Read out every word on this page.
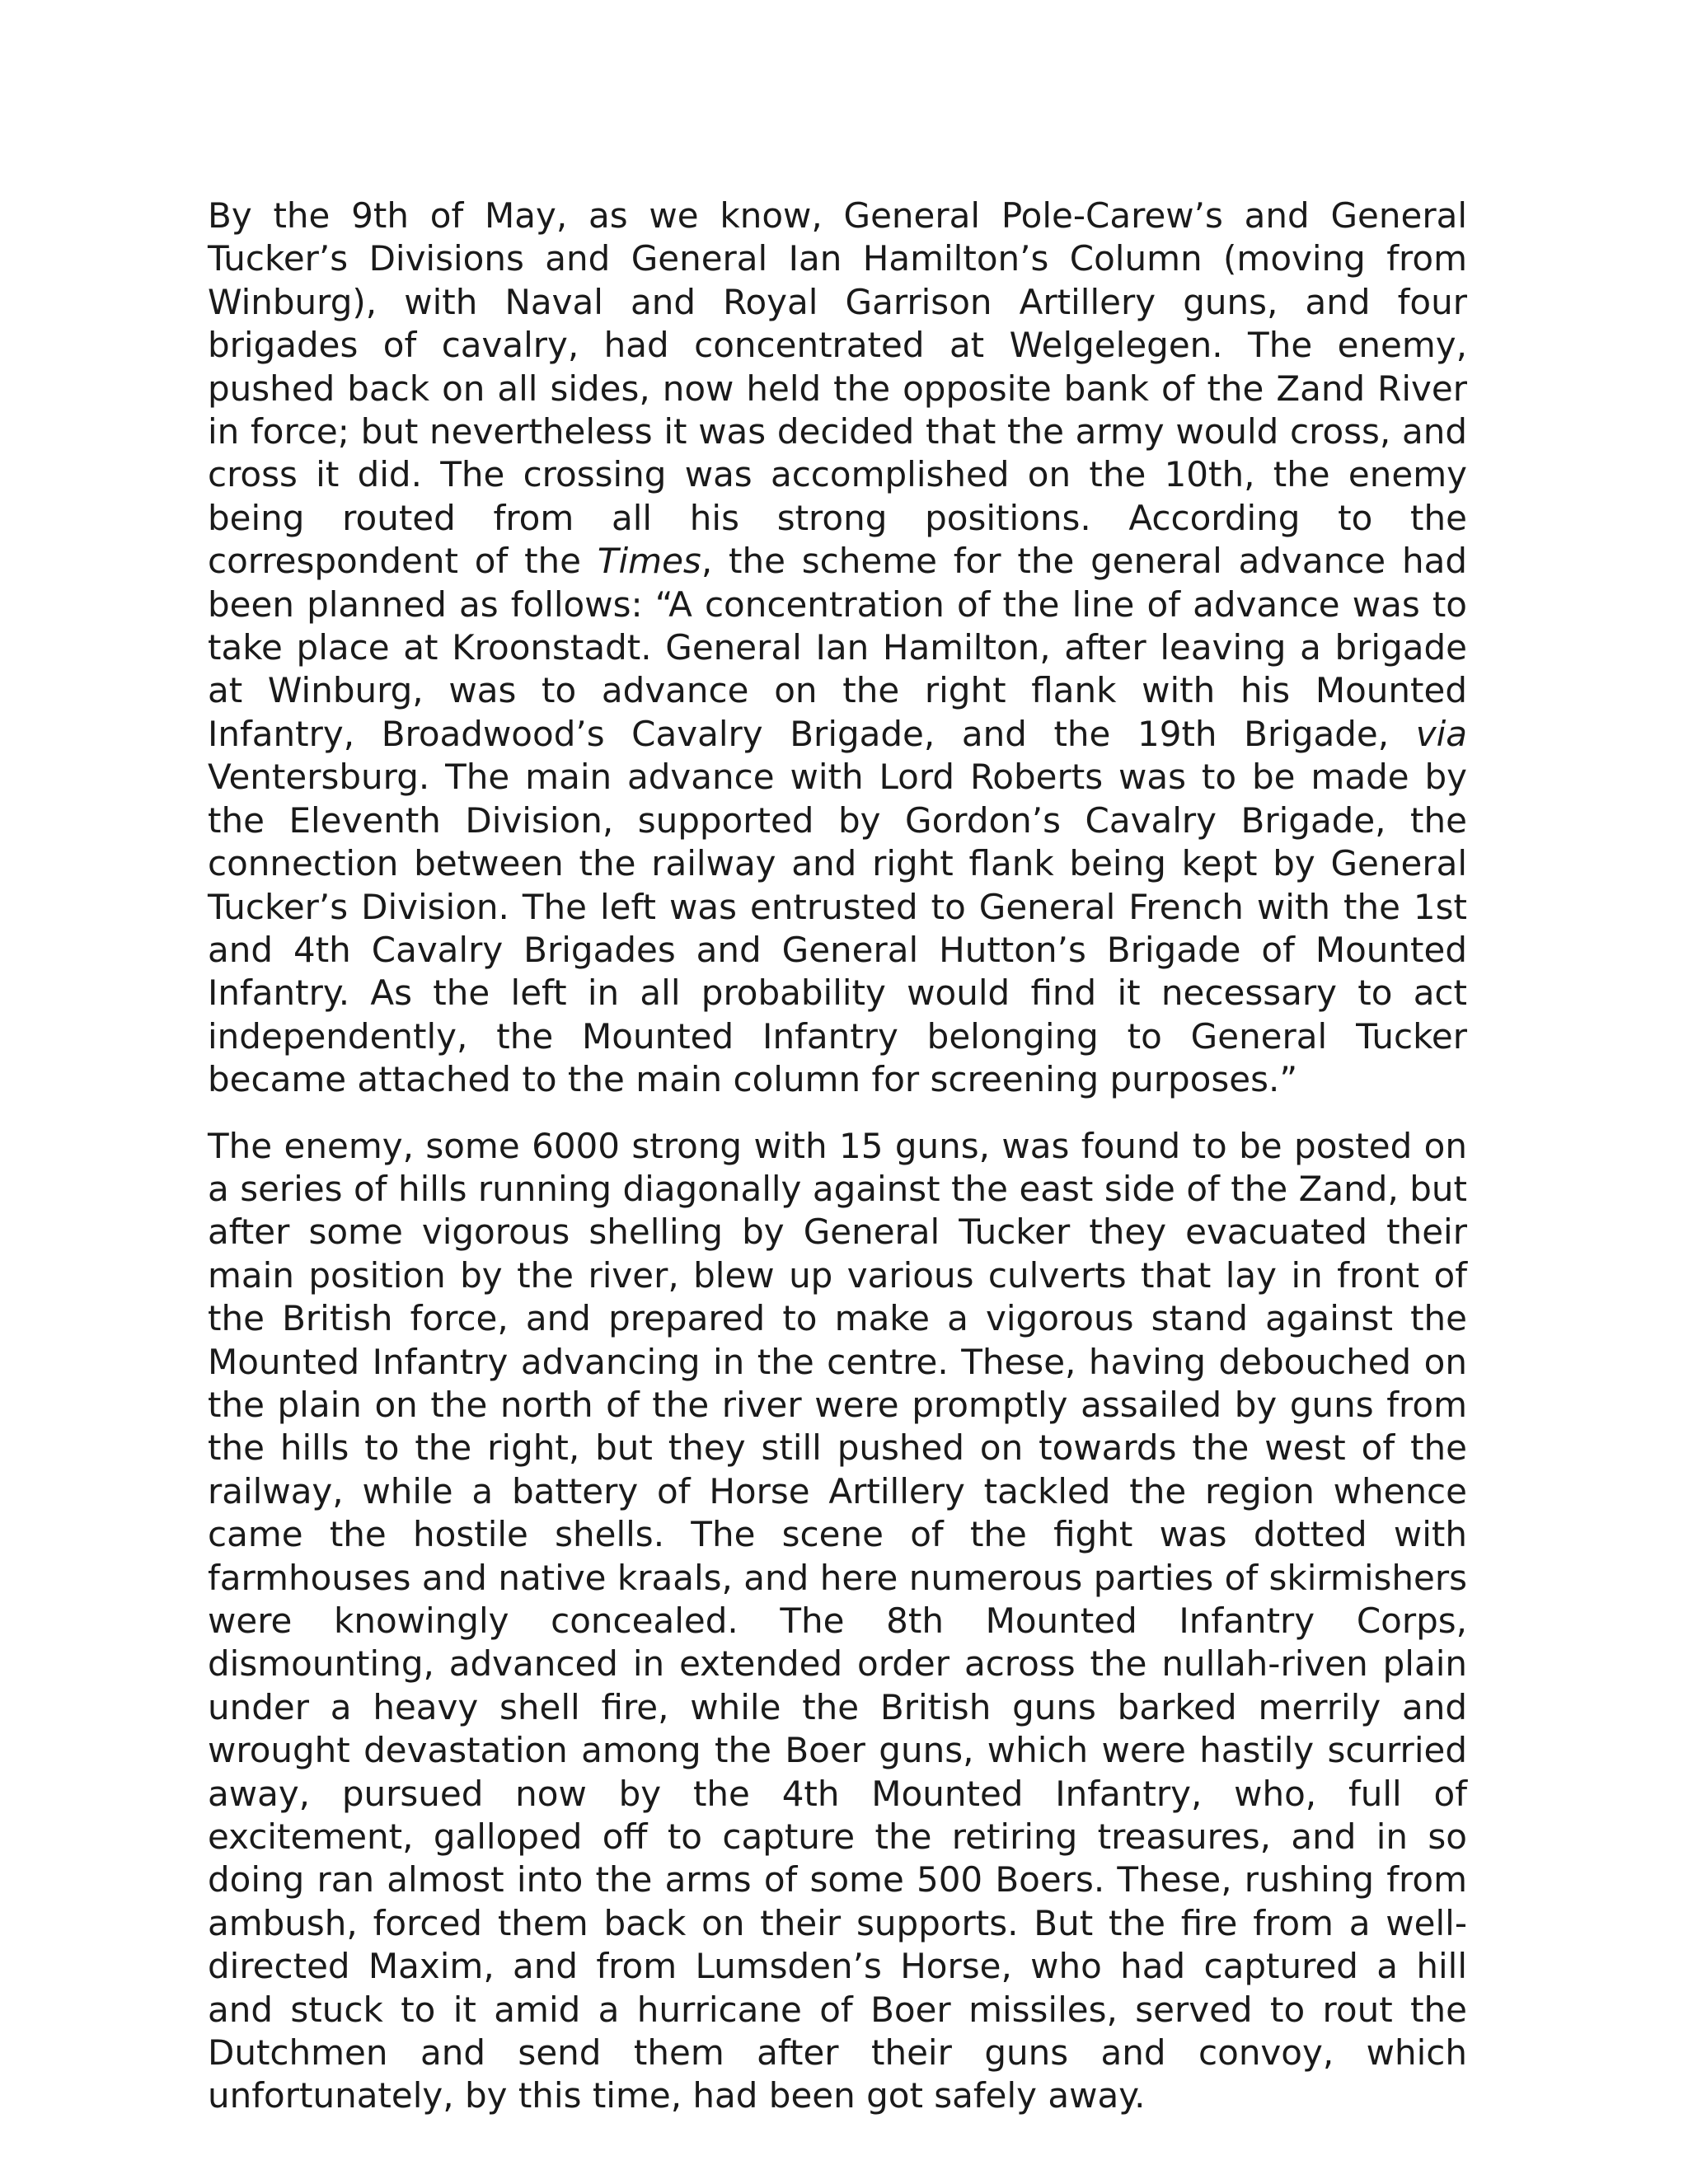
By the 9th of May, as we know, General Pole-Carew’s and General Tucker’s Divisions and General Ian Hamilton’s Column (moving from Winburg), with Naval and Royal Garrison Artillery guns, and four brigades of cavalry, had concentrated at Welgelegen. The enemy, pushed back on all sides, now held the opposite bank of the Zand River in force; but nevertheless it was decided that the army would cross, and cross it did. The crossing was accomplished on the 10th, the enemy being routed from all his strong positions. According to the correspondent of the Times, the scheme for the general advance had been planned as follows: “A concentration of the line of advance was to take place at Kroonstadt. General Ian Hamilton, after leaving a brigade at Winburg, was to advance on the right flank with his Mounted Infantry, Broadwood’s Cavalry Brigade, and the 19th Brigade, via Ventersburg. The main advance with Lord Roberts was to be made by the Eleventh Division, supported by Gordon’s Cavalry Brigade, the connection between the railway and right flank being kept by General Tucker’s Division. The left was entrusted to General French with the 1st and 4th Cavalry Brigades and General Hutton’s Brigade of Mounted Infantry. As the left in all probability would find it necessary to act independently, the Mounted Infantry belonging to General Tucker became attached to the main column for screening purposes.”

The enemy, some 6000 strong with 15 guns, was found to be posted on a series of hills running diagonally against the east side of the Zand, but after some vigorous shelling by General Tucker they evacuated their main position by the river, blew up various culverts that lay in front of the British force, and prepared to make a vigorous stand against the Mounted Infantry advancing in the centre. These, having debouched on the plain on the north of the river were promptly assailed by guns from the hills to the right, but they still pushed on towards the west of the railway, while a battery of Horse Artillery tackled the region whence came the hostile shells. The scene of the fight was dotted with farmhouses and native kraals, and here numerous parties of skirmishers were knowingly concealed. The 8th Mounted Infantry Corps, dismounting, advanced in extended order across the nullah-riven plain under a heavy shell fire, while the British guns barked merrily and wrought devastation among the Boer guns, which were hastily scurried away, pursued now by the 4th Mounted Infantry, who, full of excitement, galloped off to capture the retiring treasures, and in so doing ran almost into the arms of some 500 Boers. These, rushing from ambush, forced them back on their supports. But the fire from a well-directed Maxim, and from Lumsden’s Horse, who had captured a hill and stuck to it amid a hurricane of Boer missiles, served to rout the Dutchmen and send them after their guns and convoy, which unfortunately, by this time, had been got safely away.
